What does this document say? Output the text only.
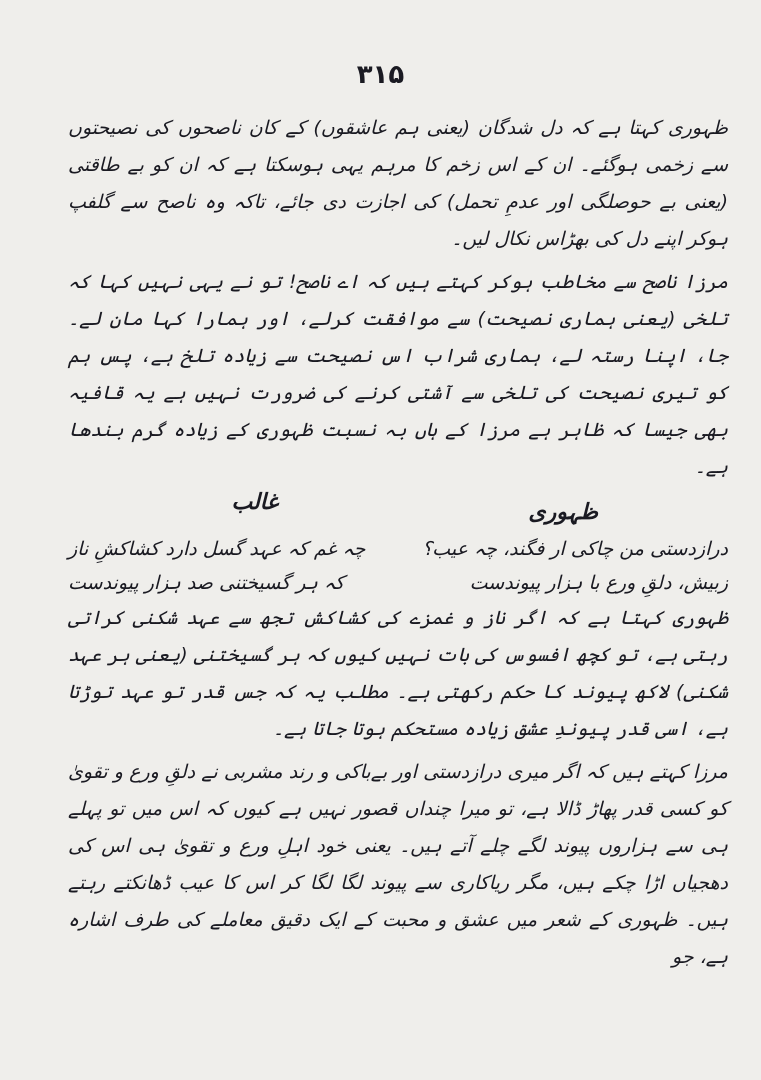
۳۱۵

ظہوری کہتا ہے کہ دل شدگان (یعنی ہم عاشقوں) کے کان ناصحوں کی نصیحتوں سے زخمی ہوگئے۔ ان کے اس زخم کا مرہم یہی ہوسکتا ہے کہ ان کو بے طاقتی (یعنی بے حوصلگی اور عدمِ تحمل) کی اجازت دی جائے، تاکہ وہ ناصح سے گلفپ ہوکر اپنے دل کی بھڑاس نکال لیں۔

مرزا ناصح سے مخاطب ہوکر کہتے ہیں کہ اے ناصح! تو نے یہی نہیں کہا کہ تلخی (یعنی ہماری نصیحت) سے موافقت کرلے، اور ہمارا کہا مان لے۔ جا، اپنا رستہ لے، ہماری شراب اس نصیحت سے زیادہ تلخ ہے، پس ہم کو تیری نصیحت کی تلخی سے آشتی کرنے کی ضرورت نہیں ہے یہ قافیہ بھی جیسا کہ ظاہر ہے مرزا کے ہاں بہ نسبت ظہوری کے زیادہ گرم بندھا ہے۔

ظہوری
غالب
درازدستی من چاکی ار فگند، چہ عیب؟
چہ غم کہ عہد گسل دارد کشاکشِ ناز
زبیش، دلقِ ورع با ہزار پیوندست
کہ ہر گسیختنی صد ہزار پیوندست

ظہوری کہتا ہے کہ اگر ناز و غمزے کی کشاکش تجھ سے عہد شکنی کراتی رہتی ہے، تو کچھ افسوس کی بات نہیں کیوں کہ ہر گسیختنی (یعنی ہر عہد شکنی) لاکھ پیوند کا حکم رکھتی ہے۔ مطلب یہ کہ جس قدر تو عہد توڑتا ہے، اسی قدر پیوندِ عشق زیادہ مستحکم ہوتا جاتا ہے۔

مرزا کہتے ہیں کہ اگر میری درازدستی اور بےباکی و رند مشربی نے دلقِ ورع و تقویٰ کو کسی قدر پھاڑ ڈالا ہے، تو میرا چنداں قصور نہیں ہے کیوں کہ اس میں تو پہلے ہی سے ہزاروں پیوند لگے چلے آتے ہیں۔ یعنی خود اہلِ ورع و تقویٰ ہی اس کی دھجیاں اڑا چکے ہیں، مگر ریاکاری سے پیوند لگا لگا کر اس کا عیب ڈھانکتے رہتے ہیں۔ ظہوری کے شعر میں عشق و محبت کے ایک دقیق معاملے کی طرف اشارہ ہے، جو
